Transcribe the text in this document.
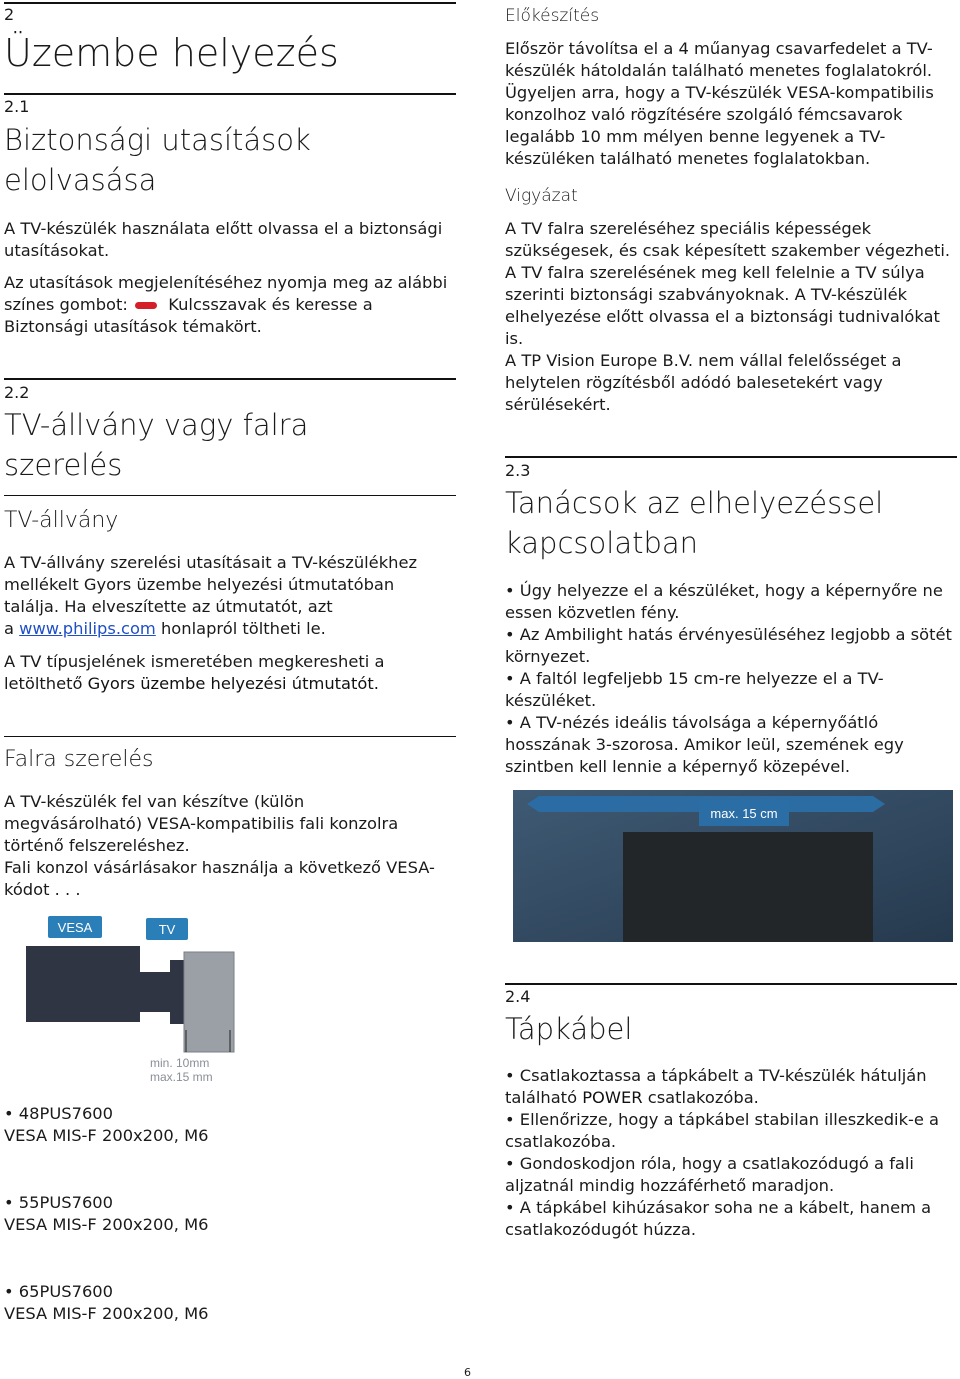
2

Üzembe helyezés

2.1

Biztonsági utasítások

elolvasása

A TV-készülék használata előtt olvassa el a biztonsági

utasításokat.

Az utasítások megjelenítéséhez nyomja meg az alábbi

színes gombot: Kulcsszavak és keresse a

Biztonsági utasítások témakört.

2.2

TV-állvány vagy falra

szerelés

TV-állvány

A TV-állvány szerelési utasításait a TV-készülékhez

mellékelt Gyors üzembe helyezési útmutatóban

találja. Ha elveszítette az útmutatót, azt

a www.philips.com honlapról töltheti le.

A TV típusjelének ismeretében megkeresheti a

letölthető Gyors üzembe helyezési útmutatót.

Falra szerelés

A TV-készülék fel van készítve (külön

megvásárolható) VESA-kompatibilis fali konzolra

történő felszereléshez.

Fali konzol vásárlásakor használja a következő VESA-

kódot . . .

VESA	TV
min. 10mm
max.15 mm

• 48PUS7600

VESA MIS-F 200x200, M6

• 55PUS7600

VESA MIS-F 200x200, M6

• 65PUS7600

VESA MIS-F 200x200, M6

Előkészítés

Először távolítsa el a 4 műanyag csavarfedelet a TV-

készülék hátoldalán található menetes foglalatokról.

Ügyeljen arra, hogy a TV-készülék VESA-kompatibilis

konzolhoz való rögzítésére szolgáló fémcsavarok

legalább 10 mm mélyen benne legyenek a TV-

készüléken található menetes foglalatokban.

Vigyázat

A TV falra szereléséhez speciális képességek

szükségesek, és csak képesített szakember végezheti.

A TV falra szerelésének meg kell felelnie a TV súlya

szerinti biztonsági szabványoknak. A TV-készülék

elhelyezése előtt olvassa el a biztonsági tudnivalókat

is.

A TP Vision Europe B.V. nem vállal felelősséget a

helytelen rögzítésből adódó balesetekért vagy

sérülésekért.

2.3

Tanácsok az elhelyezéssel

kapcsolatban

• Úgy helyezze el a készüléket, hogy a képernyőre ne

essen közvetlen fény.

• Az Ambilight hatás érvényesüléséhez legjobb a sötét

környezet.

• A faltól legfeljebb 15 cm-re helyezze el a TV-

készüléket.

• A TV-nézés ideális távolsága a képernyőátló

hosszának 3-szorosa. Amikor leül, szemének egy

szintben kell lennie a képernyő közepével.

max. 15 cm

2.4

Tápkábel

• Csatlakoztassa a tápkábelt a TV-készülék hátulján

található POWER csatlakozóba.

• Ellenőrizze, hogy a tápkábel stabilan illeszkedik-e a

csatlakozóba.

• Gondoskodjon róla, hogy a csatlakozódugó a fali

aljzatnál mindig hozzáférhető maradjon.

• A tápkábel kihúzásakor soha ne a kábelt, hanem a

csatlakozódugót húzza.

6
